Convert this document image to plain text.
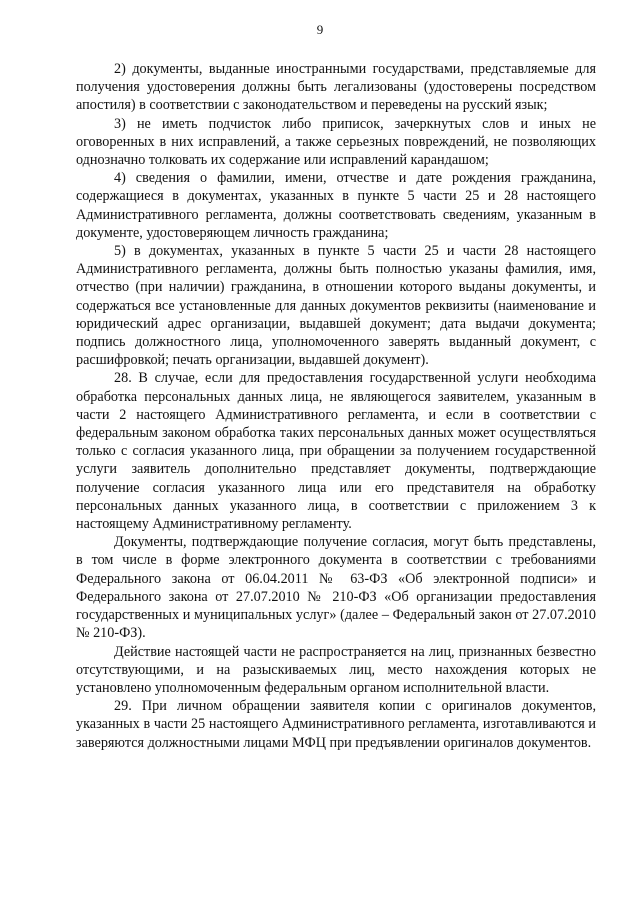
9

2) документы, выданные иностранными государствами, представляемые для получения удостоверения должны быть легализованы (удостоверены посредством апостиля) в соответствии с законодательством и переведены на русский язык;

3) не иметь подчисток либо приписок, зачеркнутых слов и иных не оговоренных в них исправлений, а также серьезных повреждений, не позволяющих однозначно толковать их содержание или исправлений карандашом;

4) сведения о фамилии, имени, отчестве и дате рождения гражданина, содержащиеся в документах, указанных в пункте 5 части 25 и 28 настоящего Административного регламента, должны соответствовать сведениям, указанным в документе, удостоверяющем личность гражданина;

5) в документах, указанных в пункте 5 части 25 и части 28 настоящего Административного регламента, должны быть полностью указаны фамилия, имя, отчество (при наличии) гражданина, в отношении которого выданы документы, и содержаться все установленные для данных документов реквизиты (наименование и юридический адрес организации, выдавшей документ; дата выдачи документа; подпись должностного лица, уполномоченного заверять выданный документ, с расшифровкой; печать организации, выдавшей документ).

28. В случае, если для предоставления государственной услуги необходима обработка персональных данных лица, не являющегося заявителем, указанным в части 2 настоящего Административного регламента, и если в соответствии с федеральным законом обработка таких персональных данных может осуществляться только с согласия указанного лица, при обращении за получением государственной услуги заявитель дополнительно представляет документы, подтверждающие получение согласия указанного лица или его представителя на обработку персональных данных указанного лица, в соответствии с приложением 3 к настоящему Административному регламенту.

Документы, подтверждающие получение согласия, могут быть представлены, в том числе в форме электронного документа в соответствии с требованиями Федерального закона от 06.04.2011 № 63-ФЗ «Об электронной подписи» и Федерального закона от 27.07.2010 № 210-ФЗ «Об организации предоставления государственных и муниципальных услуг» (далее – Федеральный закон от 27.07.2010 № 210-ФЗ).

Действие настоящей части не распространяется на лиц, признанных безвестно отсутствующими, и на разыскиваемых лиц, место нахождения которых не установлено уполномоченным федеральным органом исполнительной власти.

29. При личном обращении заявителя копии с оригиналов документов, указанных в части 25 настоящего Административного регламента, изготавливаются и заверяются должностными лицами МФЦ при предъявлении оригиналов документов.
